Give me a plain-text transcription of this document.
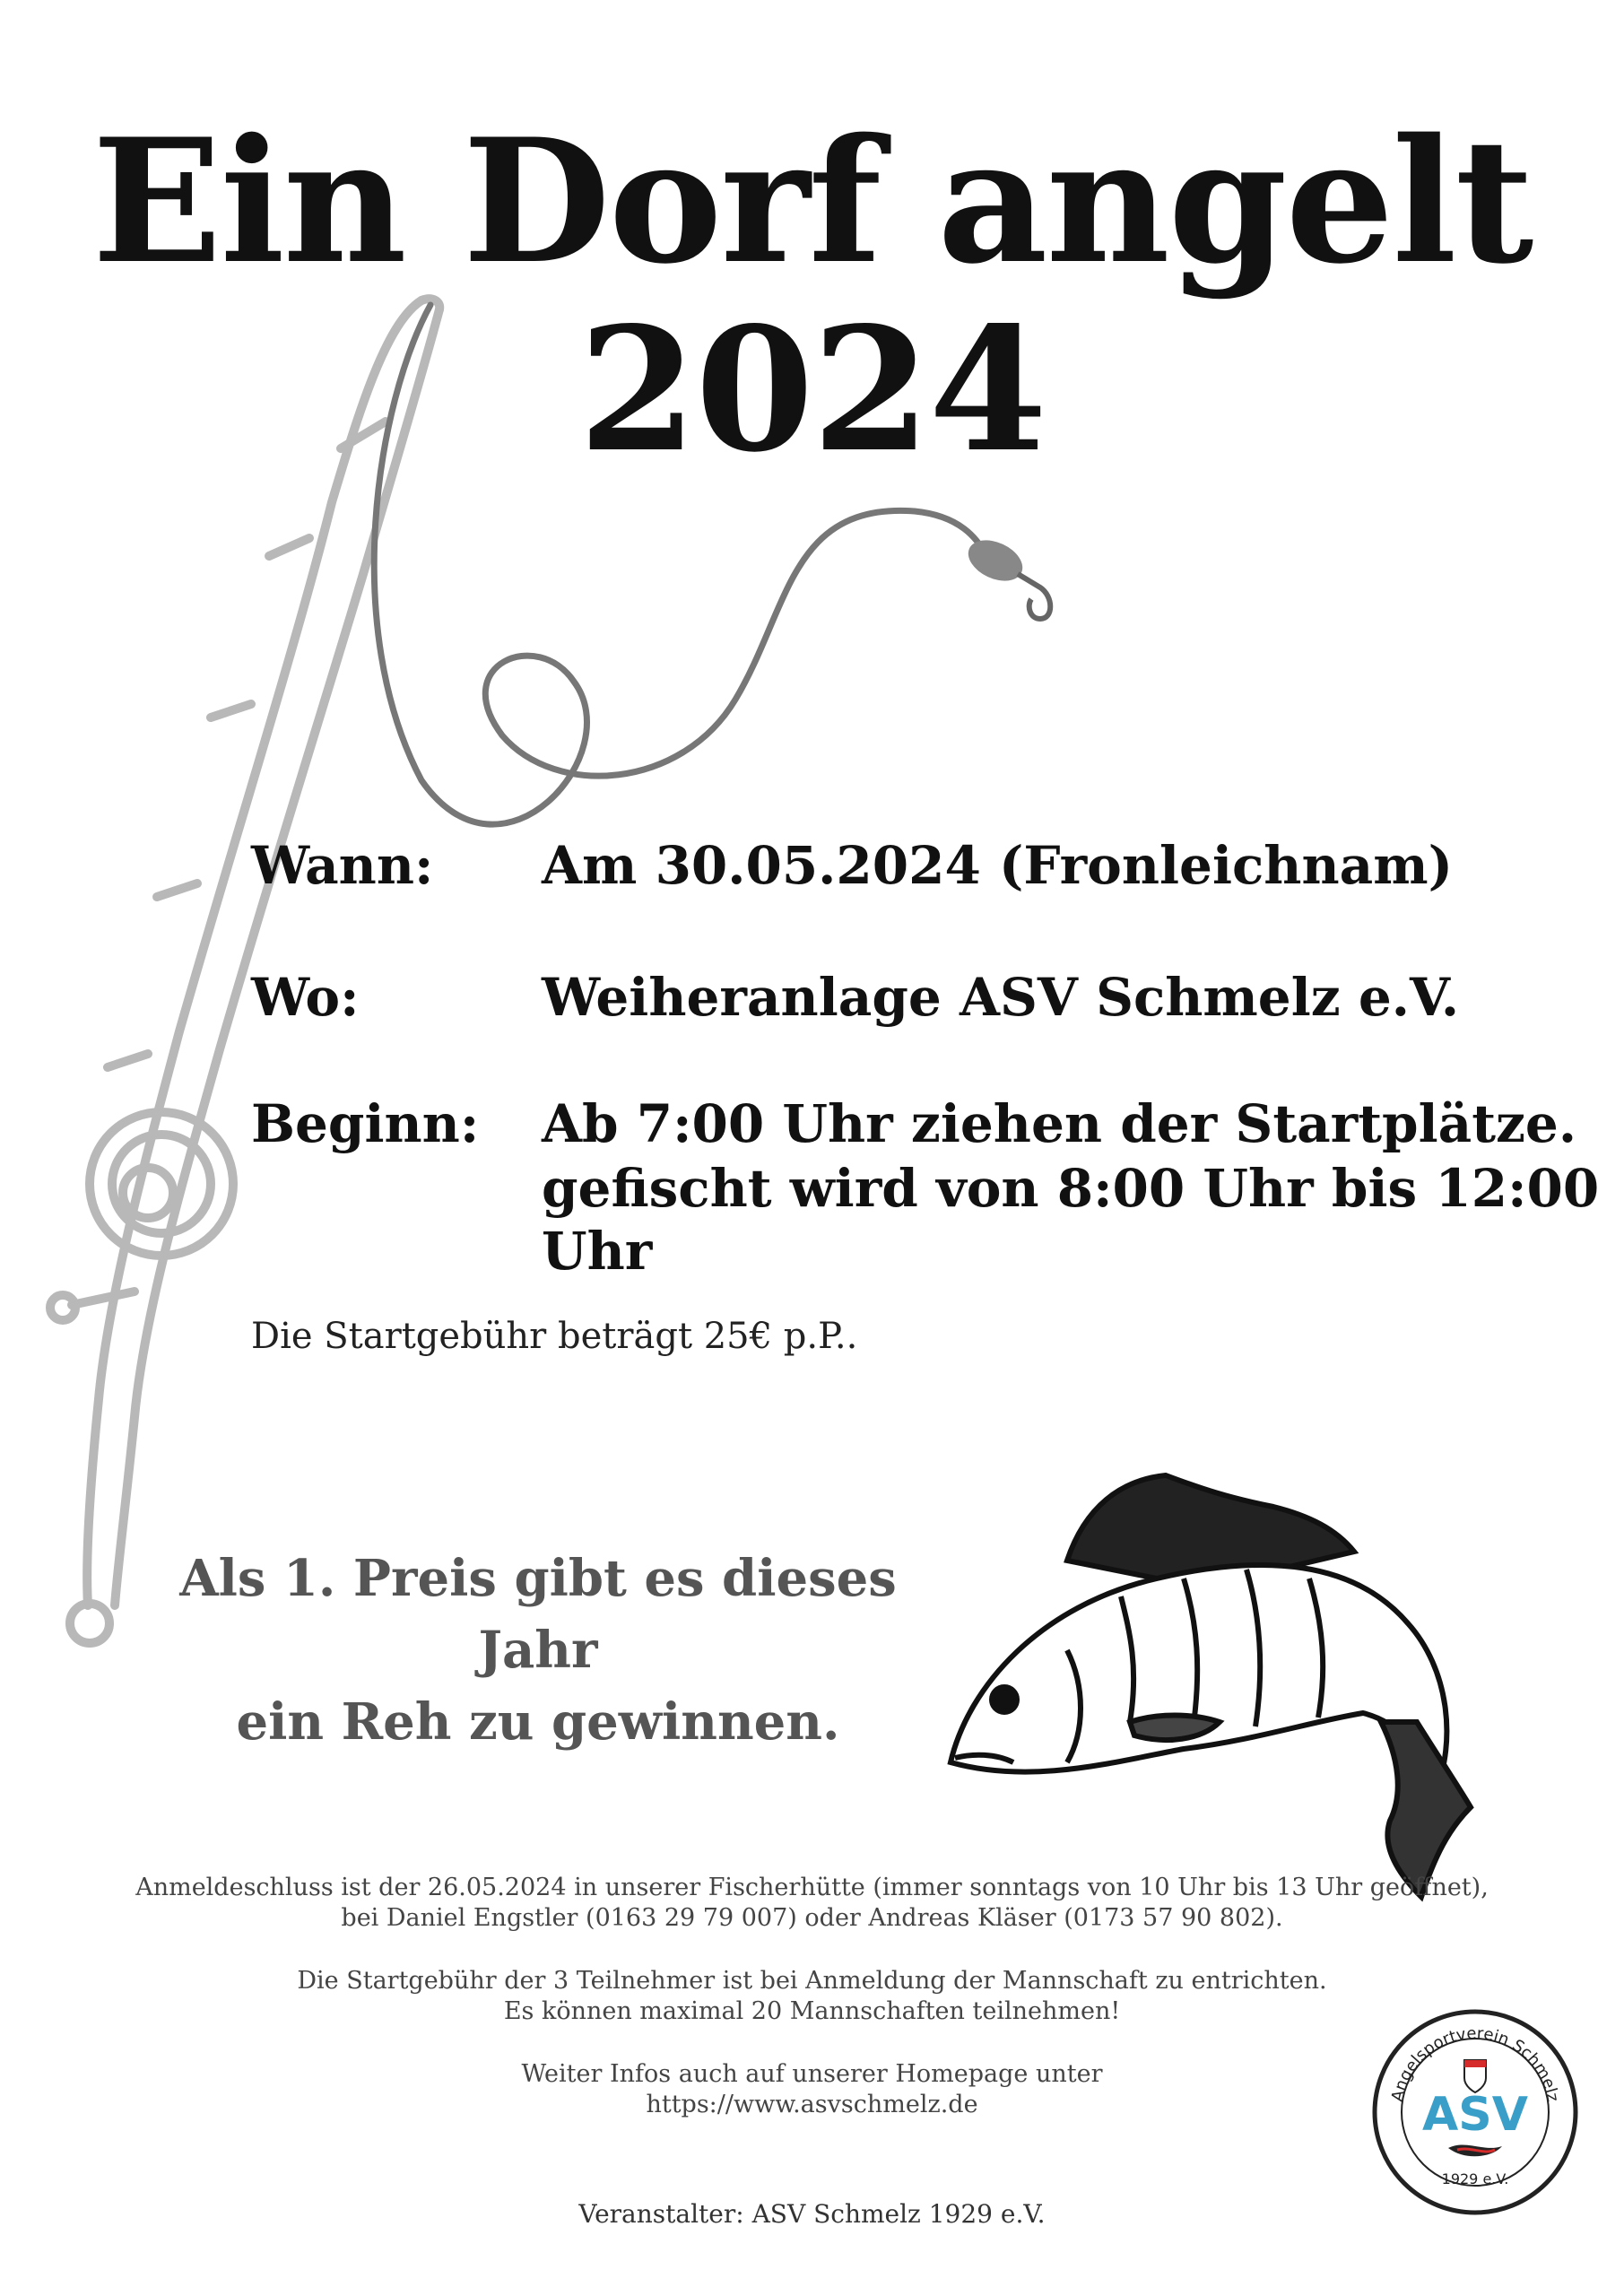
Ein Dorf angelt
2024
Wann: Am 30.05.2024 (Fronleichnam)
Wo:	Weiheranlage ASV Schmelz e.V.
Beginn: Ab 7:00 Uhr ziehen der Startplätze.
gefischt wird von 8:00 Uhr bis 12:00 Uhr
Die Startgebühr beträgt 25€ p.P..
Als 1. Preis gibt es dieses Jahr
ein Reh zu gewinnen.

Anmeldeschluss ist der 26.05.2024 in unserer Fischerhütte (immer sonntags von 10 Uhr bis 13 Uhr geöffnet),

bei Daniel Engstler (0163 29 79 007) oder Andreas Kläser (0173 57 90 802).

Die Startgebühr der 3 Teilnehmer ist bei Anmeldung der Mannschaft zu entrichten.

Es können maximal 20 Mannschaften teilnehmen!

Weiter Infos auch auf unserer Homepage unter

https://www.asvschmelz.de

Veranstalter: ASV Schmelz 1929 e.V.
Angelsportverein Schmelz
ASV
1929 e.V.
